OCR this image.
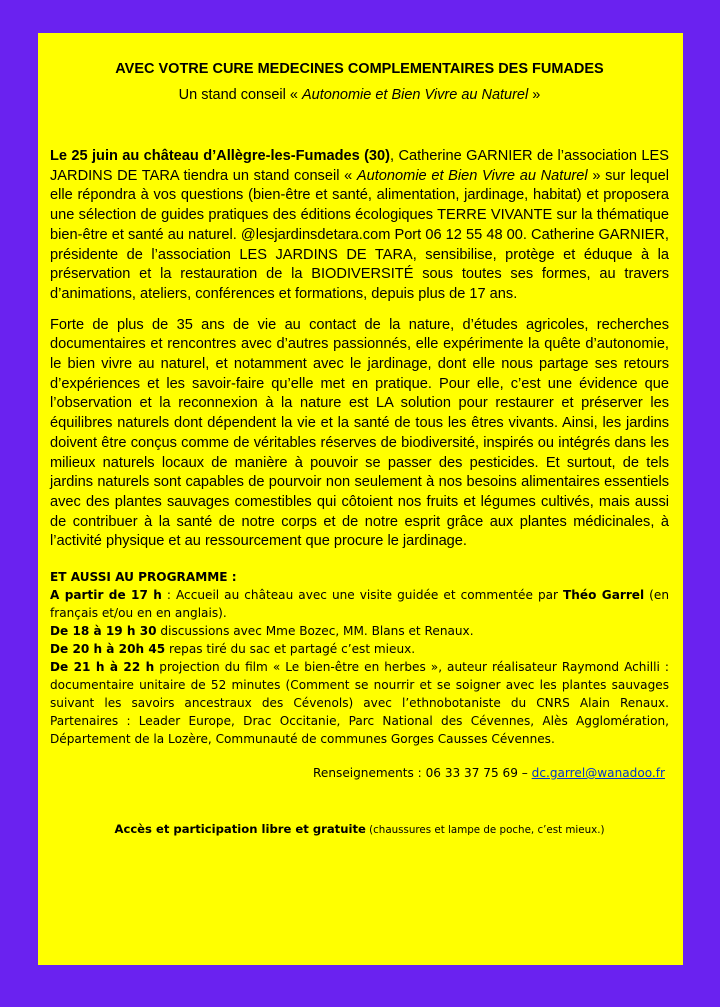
AVEC VOTRE CURE MEDECINES COMPLEMENTAIRES DES FUMADES

Un stand conseil « Autonomie et Bien Vivre au Naturel »

Le 25 juin au château d’Allègre-les-Fumades (30), Catherine GARNIER de l’association LES JARDINS DE TARA tiendra un stand conseil « Autonomie et Bien Vivre au Naturel » sur lequel elle répondra à vos questions (bien-être et santé, alimentation, jardinage, habitat) et proposera une sélection de guides pratiques des éditions écologiques TERRE VIVANTE sur la thématique bien-être et santé au naturel. @lesjardinsdetara.com Port 06 12 55 48 00. Catherine GARNIER, présidente de l’association LES JARDINS DE TARA, sensibilise, protège et éduque à la préservation et la restauration de la BIODIVERSITÉ sous toutes ses formes, au travers d’animations, ateliers, conférences et formations, depuis plus de 17 ans.

Forte de plus de 35 ans de vie au contact de la nature, d’études agricoles, recherches documentaires et rencontres avec d’autres passionnés, elle expérimente la quête d’autonomie, le bien vivre au naturel, et notamment avec le jardinage, dont elle nous partage ses retours d’expériences et les savoir-faire qu’elle met en pratique. Pour elle, c’est une évidence que l’observation et la reconnexion à la nature est LA solution pour restaurer et préserver les équilibres naturels dont dépendent la vie et la santé de tous les êtres vivants. Ainsi, les jardins doivent être conçus comme de véritables réserves de biodiversité, inspirés ou intégrés dans les milieux naturels locaux de manière à pouvoir se passer des pesticides. Et surtout, de tels jardins naturels sont capables de pourvoir non seulement à nos besoins alimentaires essentiels avec des plantes sauvages comestibles qui côtoient nos fruits et légumes cultivés, mais aussi de contribuer à la santé de notre corps et de notre esprit grâce aux plantes médicinales, à l’activité physique et au ressourcement que procure le jardinage.

ET AUSSI AU PROGRAMME :

A partir de 17 h : Accueil au château avec une visite guidée et commentée par Théo Garrel (en français et/ou en en anglais).

De 18 à 19 h 30 discussions avec Mme Bozec, MM. Blans et Renaux.

De 20 h à 20h 45 repas tiré du sac et partagé c’est mieux.

De 21 h à 22 h projection du film « Le bien-être en herbes », auteur réalisateur Raymond Achilli : documentaire unitaire de 52 minutes (Comment se nourrir et se soigner avec les plantes sauvages suivant les savoirs ancestraux des Cévenols) avec l’ethnobotaniste du CNRS Alain Renaux. Partenaires : Leader Europe, Drac Occitanie, Parc National des Cévennes, Alès Agglomération, Département de la Lozère, Communauté de communes Gorges Causses Cévennes.

Renseignements : 06 33 37 75 69 – dc.garrel@wanadoo.fr
Accès et participation libre et gratuite (chaussures et lampe de poche, c’est mieux.)
